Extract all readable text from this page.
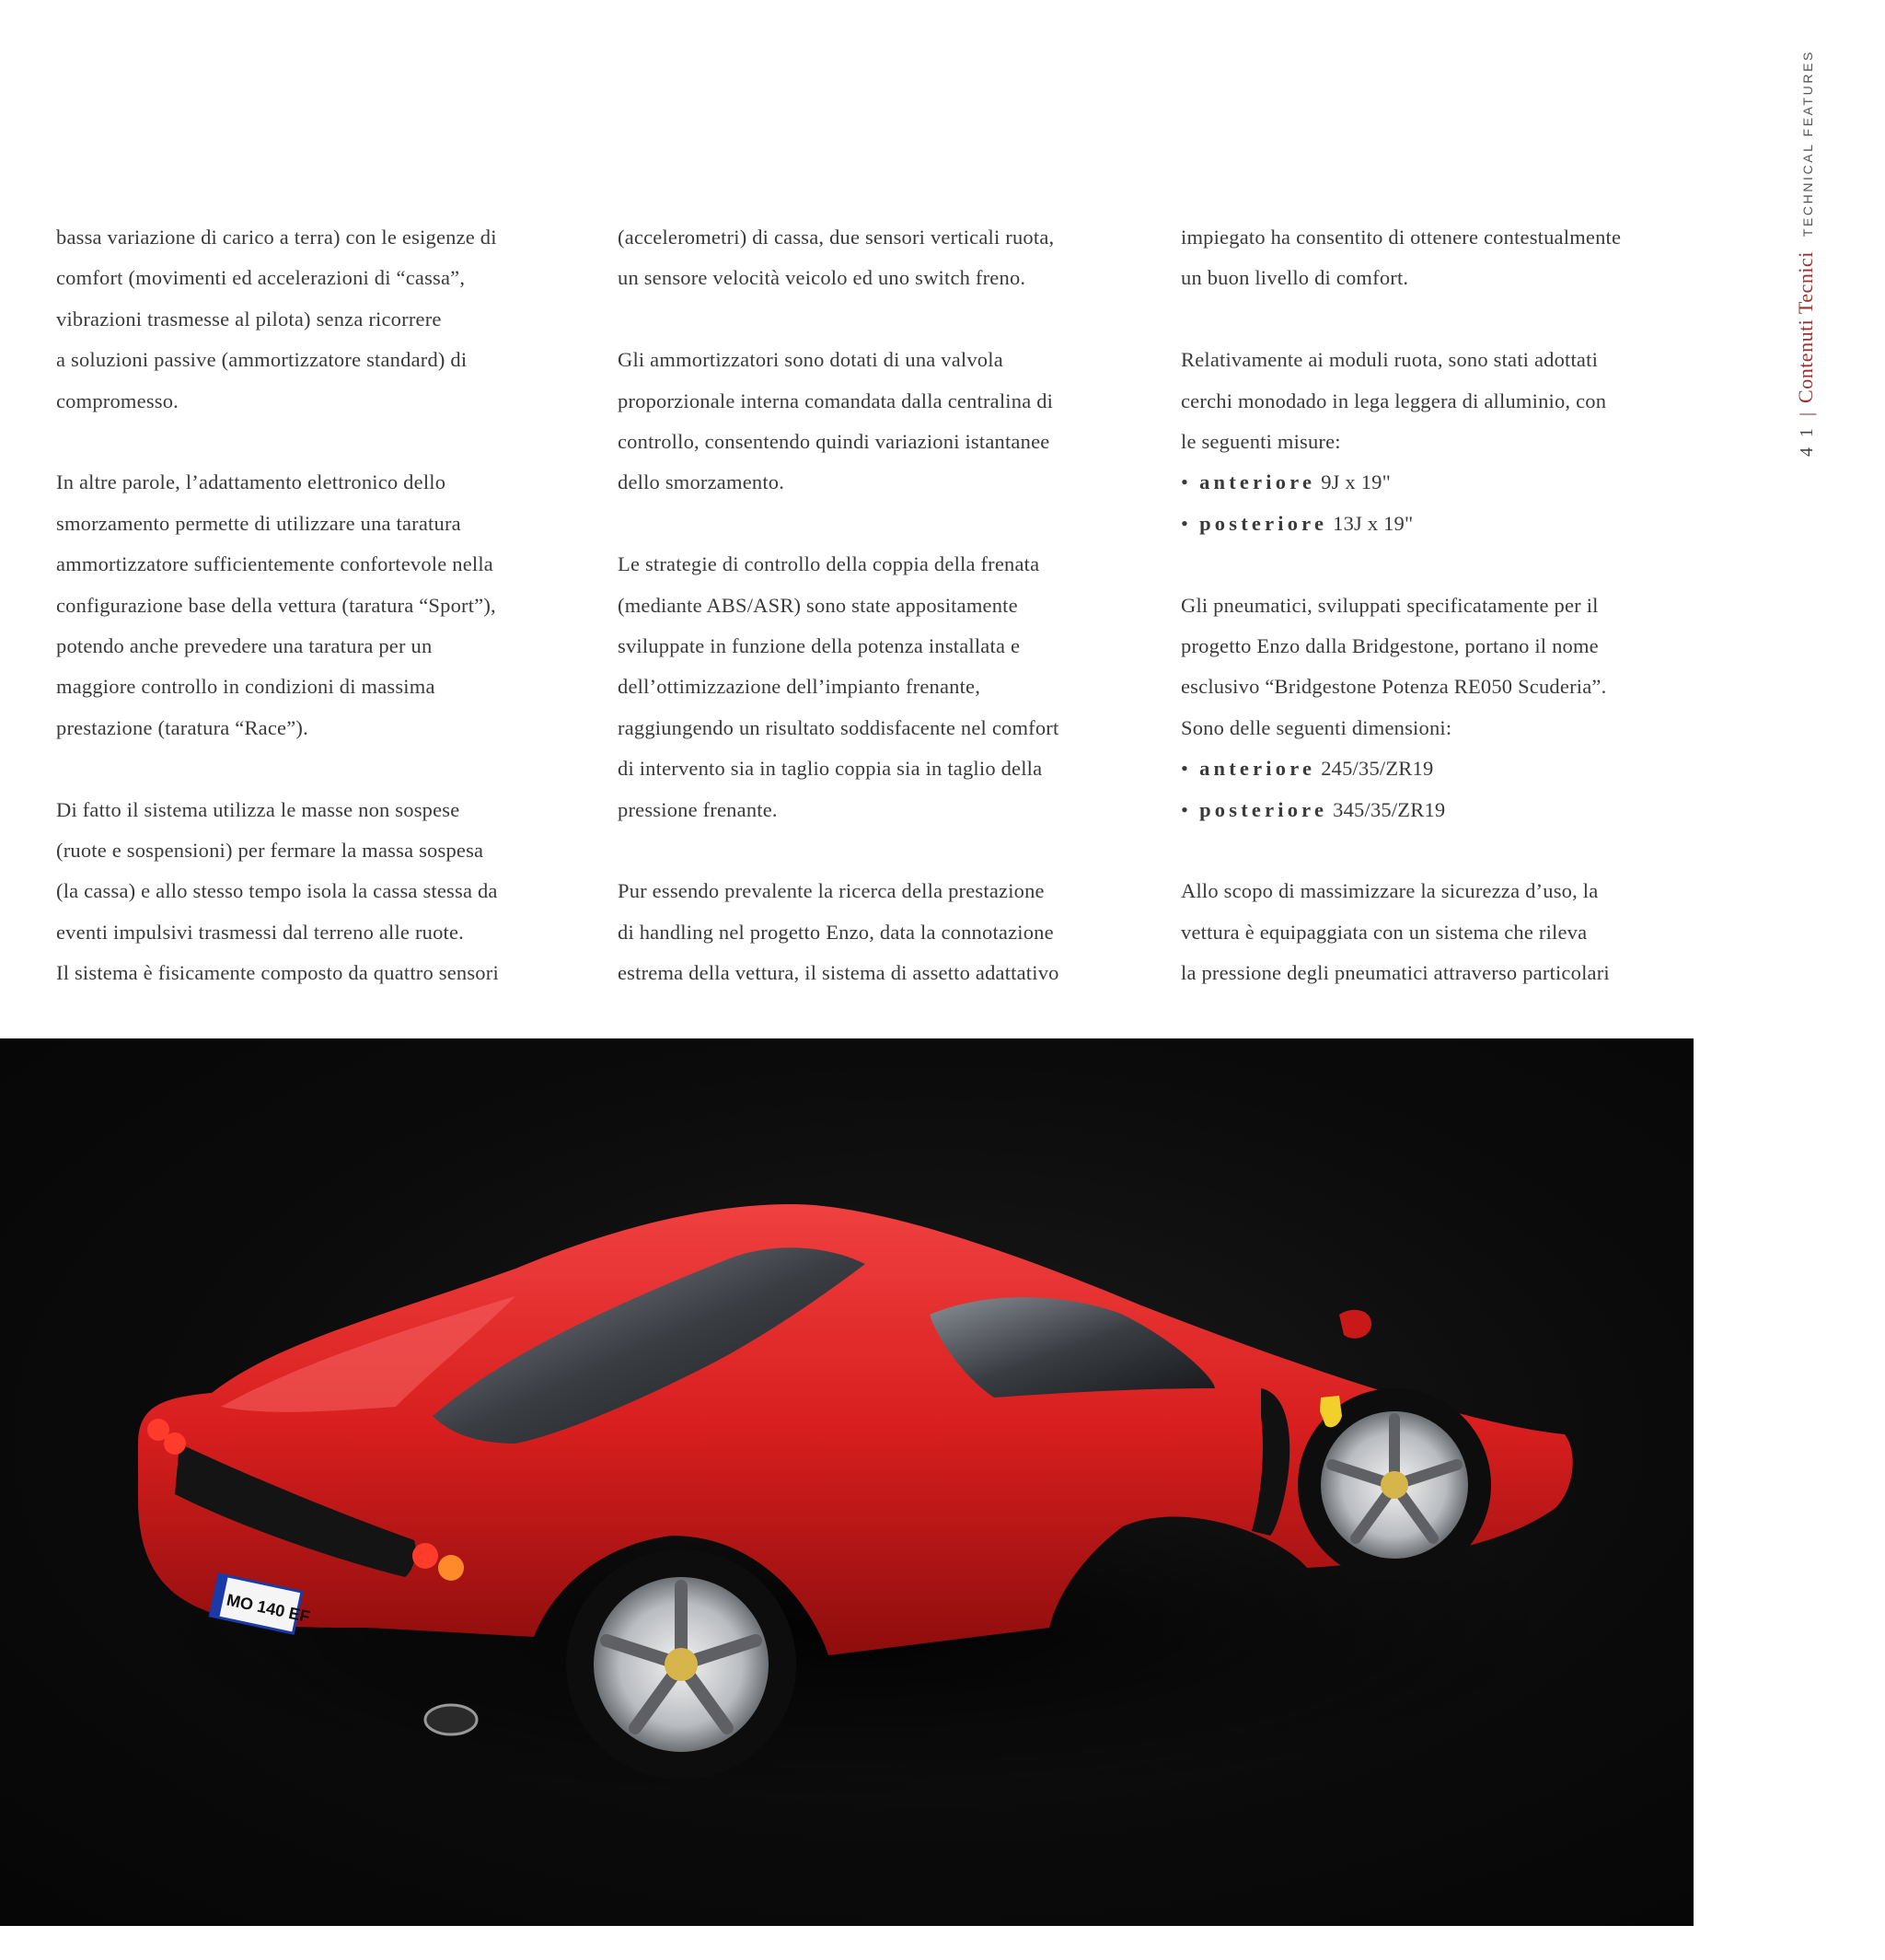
4 1
|
Contenuti Tecnici
TECHNICAL FEATURES

bassa variazione di carico a terra) con le esigenze di

comfort (movimenti ed accelerazioni di “cassa”,

vibrazioni trasmesse al pilota) senza ricorrere

a soluzioni passive (ammortizzatore standard) di

compromesso.

In altre parole, l’adattamento elettronico dello

smorzamento permette di utilizzare una taratura

ammortizzatore sufficientemente confortevole nella

configurazione base della vettura (taratura “Sport”),

potendo anche prevedere una taratura per un

maggiore controllo in condizioni di massima

prestazione (taratura “Race”).

Di fatto il sistema utilizza le masse non sospese

(ruote e sospensioni) per fermare la massa sospesa

(la cassa) e allo stesso tempo isola la cassa stessa da

eventi impulsivi trasmessi dal terreno alle ruote.

Il sistema è fisicamente composto da quattro sensori

(accelerometri) di cassa, due sensori verticali ruota,

un sensore velocità veicolo ed uno switch freno.

Gli ammortizzatori sono dotati di una valvola

proporzionale interna comandata dalla centralina di

controllo, consentendo quindi variazioni istantanee

dello smorzamento.

Le strategie di controllo della coppia della frenata

(mediante ABS/ASR) sono state appositamente

sviluppate in funzione della potenza installata e

dell’ottimizzazione dell’impianto frenante,

raggiungendo un risultato soddisfacente nel comfort

di intervento sia in taglio coppia sia in taglio della

pressione frenante.

Pur essendo prevalente la ricerca della prestazione

di handling nel progetto Enzo, data la connotazione

estrema della vettura, il sistema di assetto adattativo

impiegato ha consentito di ottenere contestualmente

un buon livello di comfort.

Relativamente ai moduli ruota, sono stati adottati

cerchi monodado in lega leggera di alluminio, con

le seguenti misure:

• anteriore 9J x 19"

• posteriore 13J x 19"

Gli pneumatici, sviluppati specificatamente per il

progetto Enzo dalla Bridgestone, portano il nome

esclusivo “Bridgestone Potenza RE050 Scuderia”.

Sono delle seguenti dimensioni:

• anteriore 245/35/ZR19

• posteriore 345/35/ZR19

Allo scopo di massimizzare la sicurezza d’uso, la

vettura è equipaggiata con un sistema che rileva

la pressione degli pneumatici attraverso particolari

MO 140 EF
